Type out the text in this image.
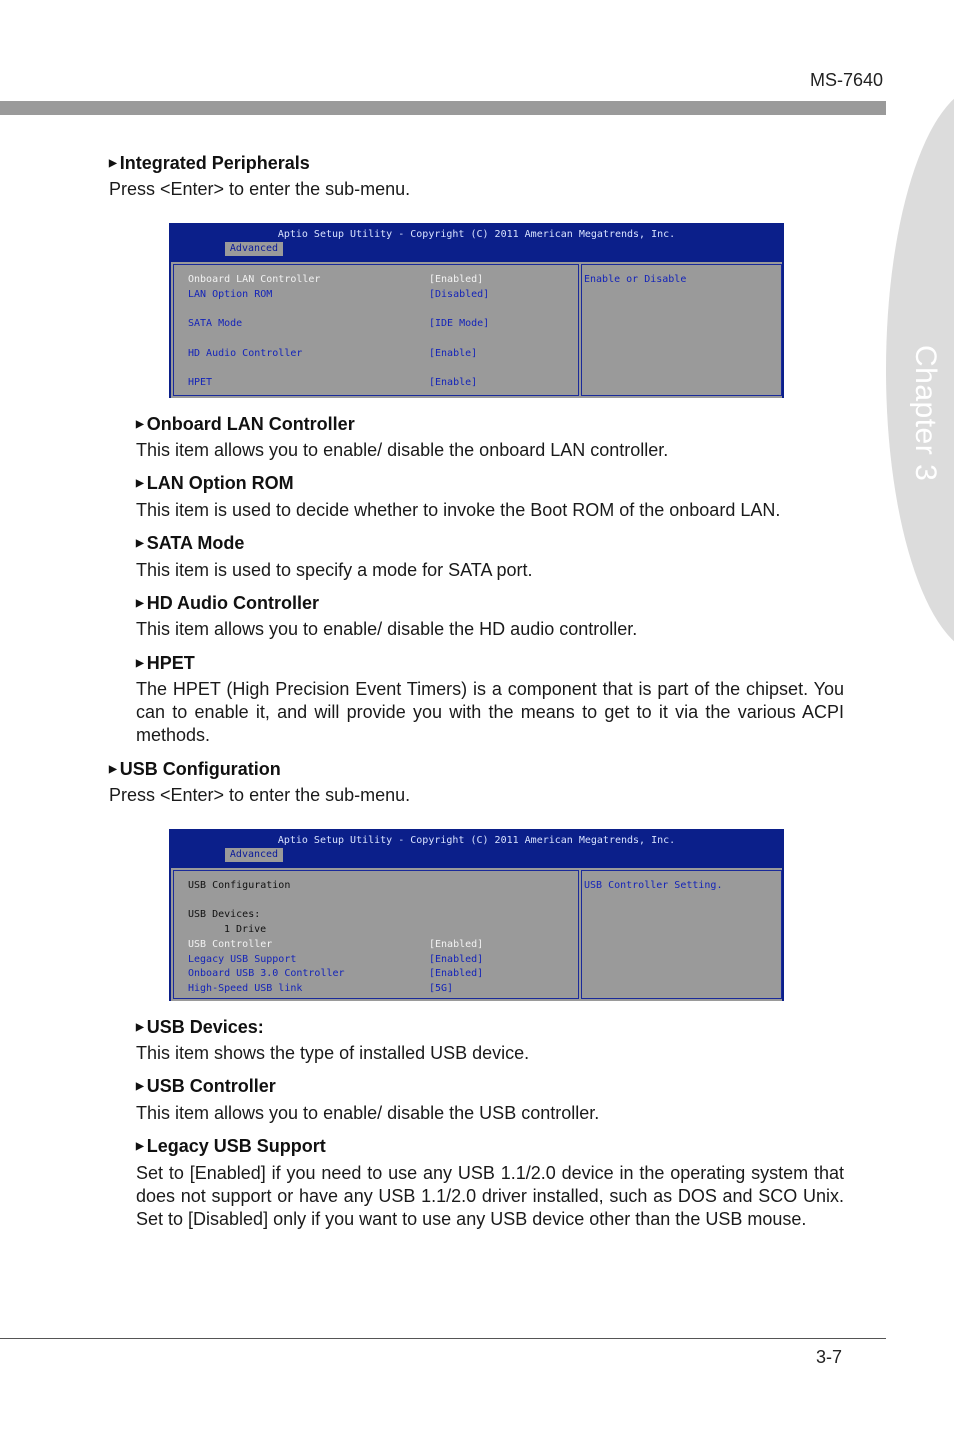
MS-7640
Chapter 3

▶ Integrated Peripherals

Press <Enter> to enter the sub-menu.

Aptio Setup Utility - Copyright (C) 2011 American Megatrends, Inc.
Advanced
Onboard LAN Controller	[Enabled]
LAN Option ROM	[Disabled]
SATA Mode	[IDE Mode]
HD Audio Controller	[Enable]
HPET	[Enable]
Enable or Disable

▶ Onboard LAN Controller

This item allows you to enable/ disable the onboard LAN controller.

▶ LAN Option ROM

This item is used to decide whether to invoke the Boot ROM of the onboard LAN.

▶ SATA Mode

This item is used to specify a mode for SATA port.

▶ HD Audio Controller

This item allows you to enable/ disable the HD audio controller.

▶ HPET

The HPET (High Precision Event Timers) is a component that is part of the chipset. You can to enable it, and will provide you with the means to get to it via the various ACPI methods.

▶ USB Configuration

Press <Enter> to enter the sub-menu.

Aptio Setup Utility - Copyright (C) 2011 American Megatrends, Inc.
Advanced
USB Configuration
USB Devices:
1 Drive
USB Controller	[Enabled]
Legacy USB Support	[Enabled]
Onboard USB 3.0 Controller	[Enabled]
High-Speed USB link	[5G]
USB Controller Setting.

▶ USB Devices:

This item shows the type of installed USB device.

▶ USB Controller

This item allows you to enable/ disable the USB controller.

▶ Legacy USB Support

Set to [Enabled] if you need to use any USB 1.1/2.0 device in the operating system that does not support or have any USB 1.1/2.0 driver installed, such as DOS and SCO Unix. Set to [Disabled] only if you want to use any USB device other than the USB mouse.

3-7
